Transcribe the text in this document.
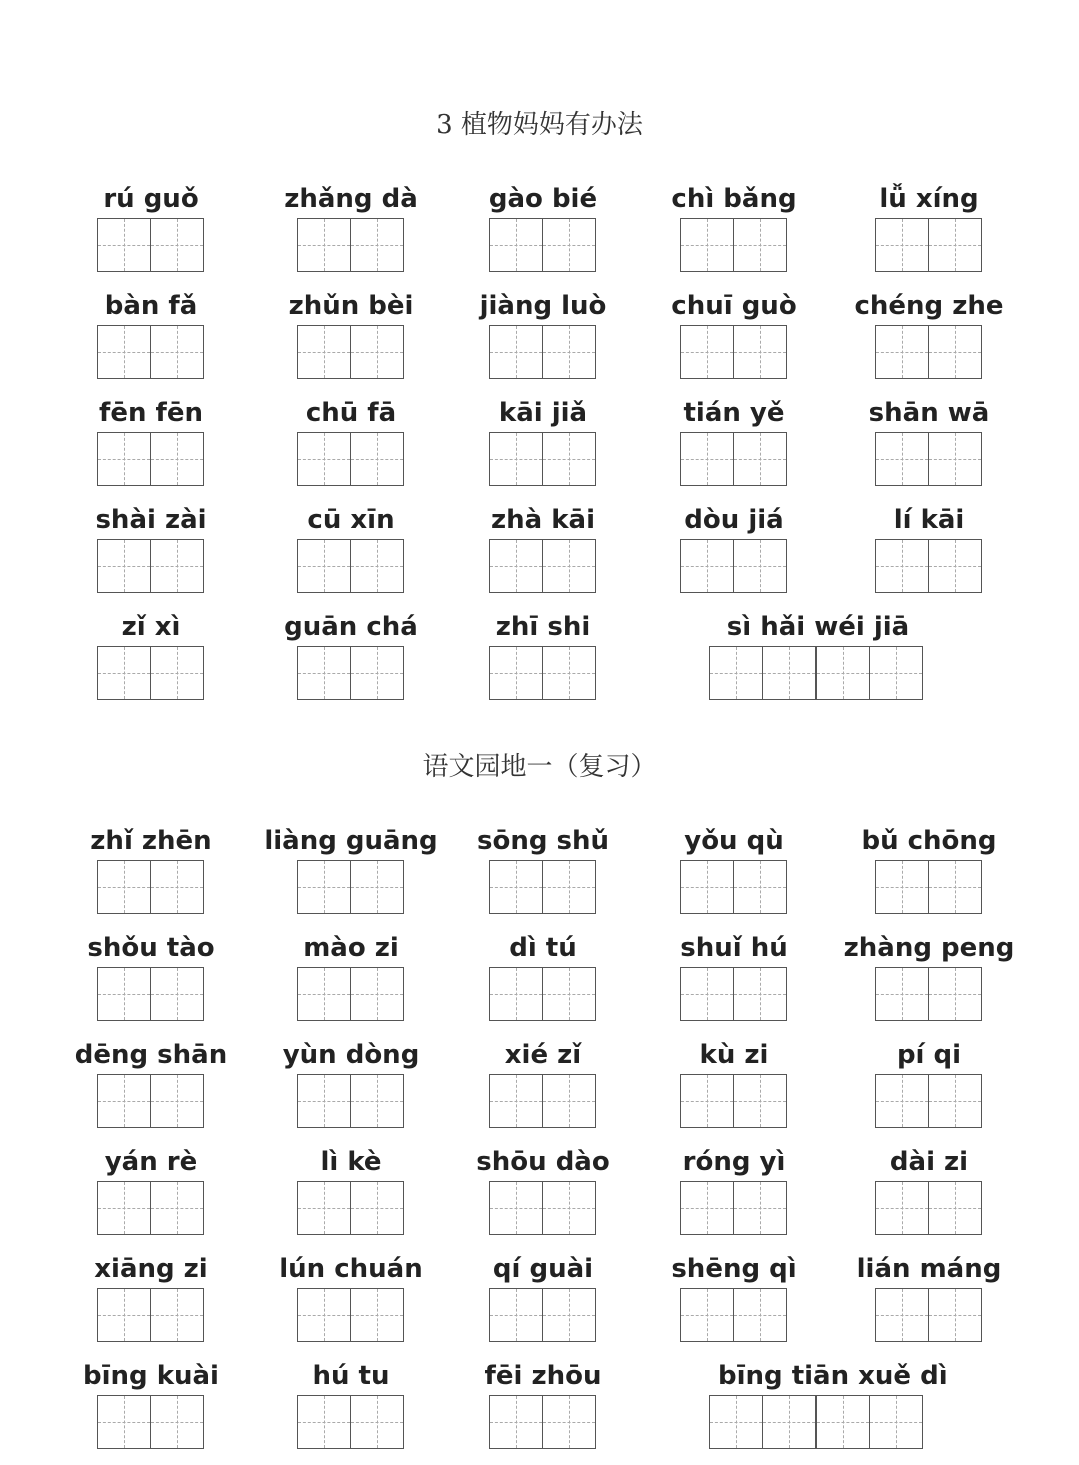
3 植物妈妈有办法
rú guǒ	zhǎng dà	gào bié	chì bǎng	lǚ xíng
bàn fǎ	zhǔn bèi	jiàng luò	chuī guò	chéng zhe
fēn fēn	chū fā	kāi jiǎ	tián yě	shān wā
shài zài	cū xīn	zhà kāi	dòu jiá	lí kāi
zǐ xì	guān chá	zhī shi	sì hǎi wéi jiā
语文园地一（复习）
zhǐ zhēn	liàng guāng	sōng shǔ	yǒu qù	bǔ chōng
shǒu tào	mào zi	dì tú	shuǐ hú	zhàng peng
dēng shān	yùn dòng	xié zǐ	kù zi	pí qi
yán rè	lì kè	shōu dào	róng yì	dài zi
xiāng zi	lún chuán	qí guài	shēng qì	lián máng
bīng kuài	hú tu	fēi zhōu	bīng tiān xuě dì
